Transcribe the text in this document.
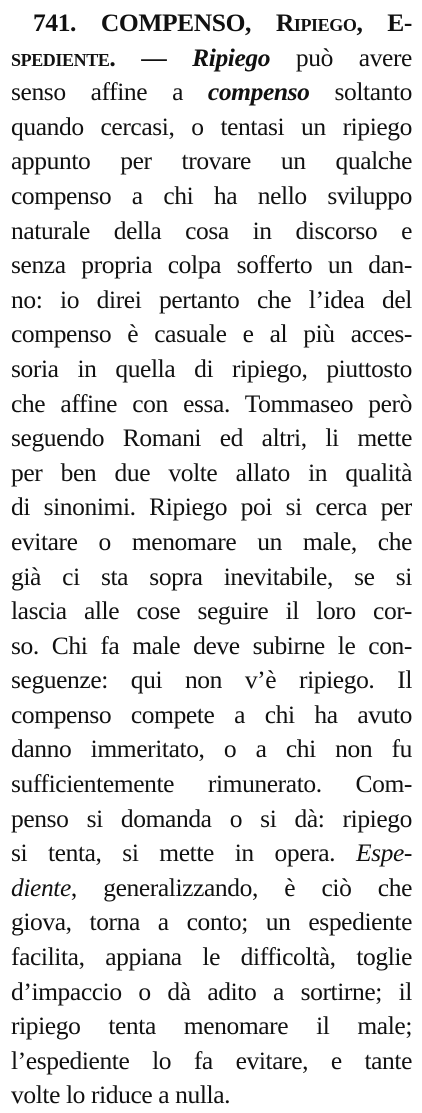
741. COMPENSO, Ripiego, E-
spediente. — Ripiego può avere
senso affine a compenso soltanto
quando cercasi, o tentasi un ripiego
appunto per trovare un qualche
compenso a chi ha nello sviluppo
naturale della cosa in discorso e
senza propria colpa sofferto un dan-
no: io direi pertanto che l’idea del
compenso è casuale e al più acces-
soria in quella di ripiego, piuttosto
che affine con essa. Tommaseo però
seguendo Romani ed altri, li mette
per ben due volte allato in qualità
di sinonimi. Ripiego poi si cerca per
evitare o menomare un male, che
già ci sta sopra inevitabile, se si
lascia alle cose seguire il loro cor-
so. Chi fa male deve subirne le con-
seguenze: qui non v’è ripiego. Il
compenso compete a chi ha avuto
danno immeritato, o a chi non fu
sufficientemente rimunerato. Com-
penso si domanda o si dà: ripiego
si tenta, si mette in opera. Espe-
diente, generalizzando, è ciò che
giova, torna a conto; un espediente
facilita, appiana le difficoltà, toglie
d’impaccio o dà adito a sortirne; il
ripiego tenta menomare il male;
l’espediente lo fa evitare, e tante
volte lo riduce a nulla.
